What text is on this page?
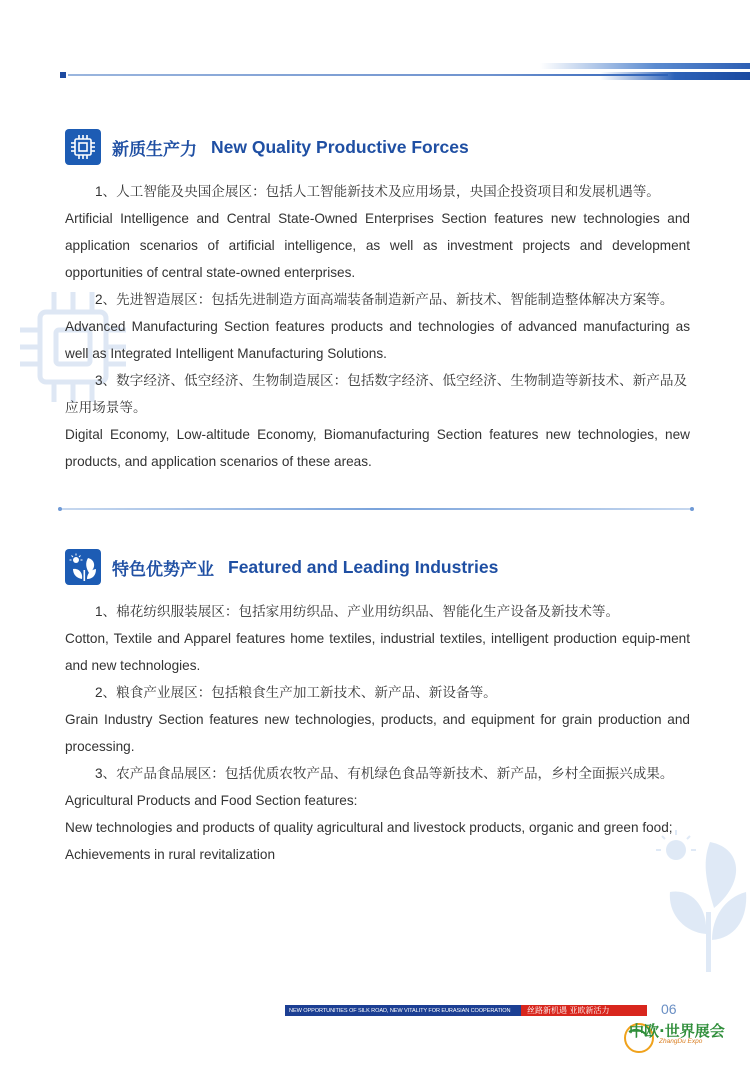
新质生产力 New Quality Productive Forces

1、人工智能及央国企展区：包括人工智能新技术及应用场景，央国企投资项目和发展机遇等。

Artificial Intelligence and Central State-Owned Enterprises Section features new technologies and application scenarios of artificial intelligence, as well as investment projects and development opportunities of central state-owned enterprises.

2、先进智造展区：包括先进制造方面高端装备制造新产品、新技术、智能制造整体解决方案等。

Advanced Manufacturing Section features products and technologies of advanced manufacturing as well as Integrated Intelligent Manufacturing Solutions.

3、数字经济、低空经济、生物制造展区：包括数字经济、低空经济、生物制造等新技术、新产品及应用场景等。

Digital Economy, Low-altitude Economy, Biomanufacturing Section features new technologies, new products, and application scenarios of these areas.

特色优势产业 Featured and Leading Industries

1、棉花纺织服装展区：包括家用纺织品、产业用纺织品、智能化生产设备及新技术等。

Cotton, Textile and Apparel features home textiles, industrial textiles, intelligent production equip-ment and new technologies.

2、粮食产业展区：包括粮食生产加工新技术、新产品、新设备等。

Grain Industry Section features new technologies, products, and equipment for grain production and processing.

3、农产品食品展区：包括优质农牧产品、有机绿色食品等新技术、新产品，乡村全面振兴成果。

Agricultural Products and Food Section features:

New technologies and products of quality agricultural and livestock products, organic and green food;

Achievements in rural revitalization

NEW OPPORTUNITIES OF SILK ROAD, NEW VITALITY FOR EURASIAN COOPERATION	丝路新机遇 亚欧新活力	06
中欧·世界展会
ZhangDu Expo
